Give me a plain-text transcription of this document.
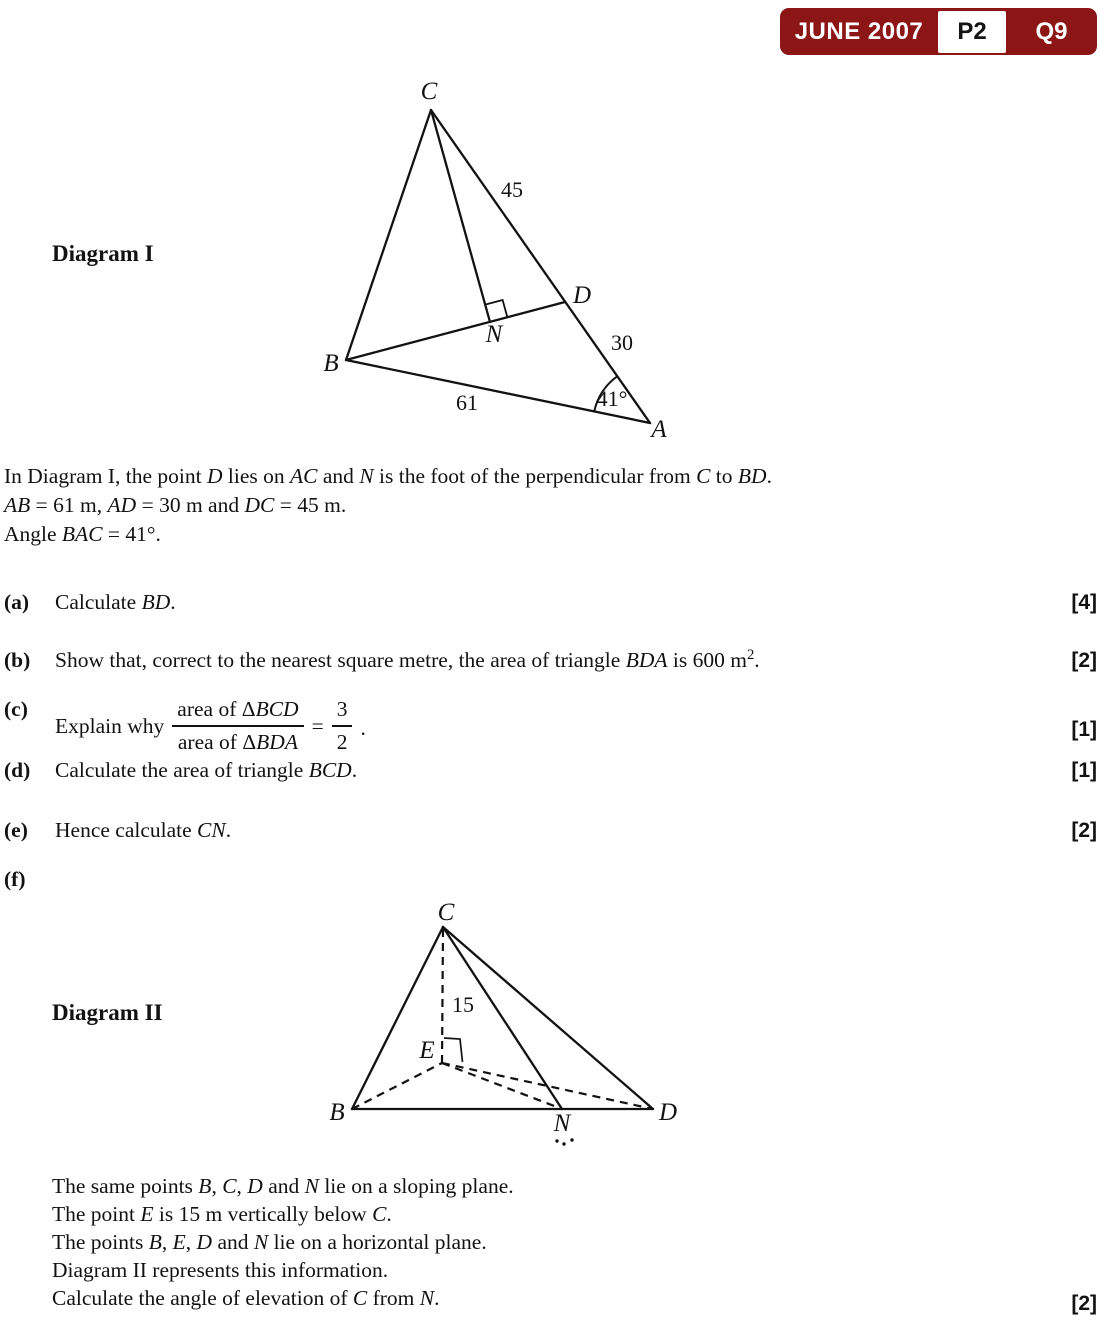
JUNE 2007	P2	Q9
Diagram I
C
B
A
D
N
45
30
61	41°
In Diagram I, the point D lies on AC and N is the foot of the perpendicular from C to BD.
AB = 61 m, AD = 30 m and DC = 45 m.
Angle BAC = 41°.
(a) Calculate BD.	[4]
(b) Show that, correct to the nearest square metre, the area of triangle BDA is 600 $m^2$.	[2]
(c)
Explain why $\frac{\text{area of ΔBCD}}{\text{area of ΔBDA}} = \frac{3}{2}$ .	[1]
(d) Calculate the area of triangle BCD.	[1]
(e) Hence calculate CN.	[2]
(f)
Diagram II
C
B	D
N
E
15
The same points B, C, D and N lie on a sloping plane.
The point E is 15 m vertically below C.
The points B, E, D and N lie on a horizontal plane.
Diagram II represents this information.
Calculate the angle of elevation of C from N.	[2]
